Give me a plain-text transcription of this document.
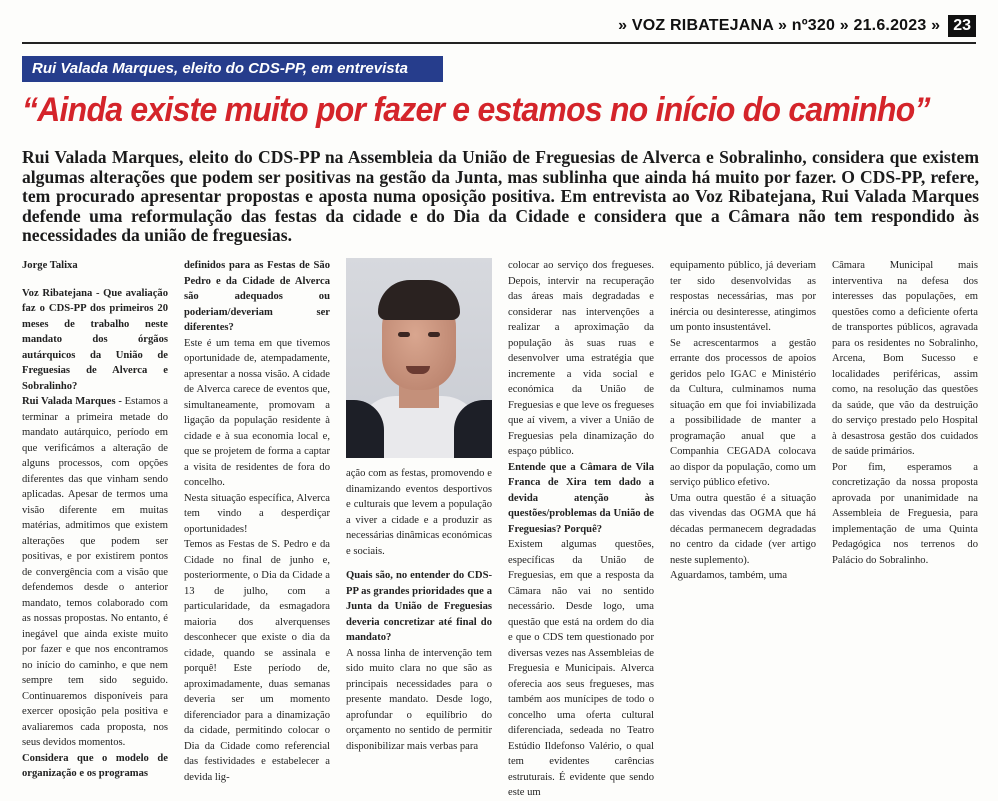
» VOZ RIBATEJANA » nº320 » 21.6.2023 » 23
Rui Valada Marques, eleito do CDS-PP, em entrevista
“Ainda existe muito por fazer e estamos no início do caminho”
Rui Valada Marques, eleito do CDS-PP na Assembleia da União de Freguesias de Alverca e Sobralinho, considera que existem algumas alterações que podem ser positivas na gestão da Junta, mas sublinha que ainda há muito por fazer. O CDS-PP, refere, tem procurado apresentar propostas e aposta numa oposição positiva. Em entrevista ao Voz Ribatejana, Rui Valada Marques defende uma reformulação das festas da cidade e do Dia da Cidade e considera que a Câmara não tem respondido às necessidades da união de freguesias.

Jorge Talixa

Voz Ribatejana - Que avaliação faz o CDS-PP dos primeiros 20 meses de trabalho neste mandato dos órgãos autárquicos da União de Freguesias de Alverca e Sobralinho?

Rui Valada Marques - Estamos a terminar a primeira metade do mandato autárquico, período em que verificámos a alteração de alguns processos, com opções diferentes das que vinham sendo aplicadas. Apesar de termos uma visão diferente em muitas matérias, admitimos que existem alterações que podem ser positivas, e por existirem pontos de convergência com a visão que defendemos desde o anterior mandato, temos colaborado com as nossas propostas. No entanto, é inegável que ainda existe muito por fazer e que nos encontramos no início do caminho, e que nem sempre tem sido seguido. Continuaremos disponíveis para exercer oposição pela positiva e avaliaremos cada proposta, nos seus devidos momentos.

Considera que o modelo de organização e os programas

definidos para as Festas de São Pedro e da Cidade de Alverca são adequados ou poderiam/deveriam ser diferentes?

Este é um tema em que tivemos oportunidade de, atempadamente, apresentar a nossa visão. A cidade de Alverca carece de eventos que, simultaneamente, promovam a ligação da população residente à cidade e à sua economia local e, que se projetem de forma a captar a visita de residentes de fora do concelho.

Nesta situação específica, Alverca tem vindo a desperdiçar oportunidades!

Temos as Festas de S. Pedro e da Cidade no final de junho e, posteriormente, o Dia da Cidade a 13 de julho, com a particularidade, da esmagadora maioria dos alverquenses desconhecer que existe o dia da cidade, quando se assinala e porquê! Este período de, aproximadamente, duas semanas deveria ser um momento diferenciador para a dinamização da cidade, permitindo colocar o Dia da Cidade como referencial das festividades e estabelecer a devida lig-

ação com as festas, promovendo e dinamizando eventos desportivos e culturais que levem a população a viver a cidade e a produzir as necessárias dinâmicas económicas e sociais.

Quais são, no entender do CDS-PP as grandes prioridades que a Junta da União de Freguesias deveria concretizar até final do mandato?

A nossa linha de intervenção tem sido muito clara no que são as principais necessidades para o presente mandato. Desde logo, aprofundar o equilíbrio do orçamento no sentido de permitir disponibilizar mais verbas para

colocar ao serviço dos fregueses. Depois, intervir na recuperação das áreas mais degradadas e considerar nas intervenções a realizar a aproximação da população às suas ruas e desenvolver uma estratégia que incremente a vida social e económica da União de Freguesias e que leve os fregueses que aí vivem, a viver a União de Freguesias pela dinamização do espaço público.

Entende que a Câmara de Vila Franca de Xira tem dado a devida atenção às questões/problemas da União de Freguesias? Porquê?

Existem algumas questões, específicas da União de Freguesias, em que a resposta da Câmara não vai no sentido necessário. Desde logo, uma questão que está na ordem do dia e que o CDS tem questionado por diversas vezes nas Assembleias de Freguesia e Municipais. Alverca oferecia aos seus fregueses, mas também aos munícipes de todo o concelho uma oferta cultural diferenciada, sedeada no Teatro Estúdio Ildefonso Valério, o qual tem evidentes carências estruturais. É evidente que sendo este um

equipamento público, já deveriam ter sido desenvolvidas as respostas necessárias, mas por inércia ou desinteresse, atingimos um ponto insustentável.

Se acrescentarmos a gestão errante dos processos de apoios geridos pelo IGAC e Ministério da Cultura, culminamos numa situação em que foi inviabilizada a possibilidade de manter a programação anual que a Companhia CEGADA colocava ao dispor da população, como um serviço público efetivo.

Uma outra questão é a situação das vivendas das OGMA que há décadas permanecem degradadas no centro da cidade (ver artigo neste suplemento).

Aguardamos, também, uma

Câmara Municipal mais interventiva na defesa dos interesses das populações, em questões como a deficiente oferta de transportes públicos, agravada para os residentes no Sobralinho, Arcena, Bom Sucesso e localidades periféricas, assim como, na resolução das questões da saúde, que vão da destruição do serviço prestado pelo Hospital à desastrosa gestão dos cuidados de saúde primários.

Por fim, esperamos a concretização da nossa proposta aprovada por unanimidade na Assembleia de Freguesia, para implementação de uma Quinta Pedagógica nos terrenos do Palácio do Sobralinho.
